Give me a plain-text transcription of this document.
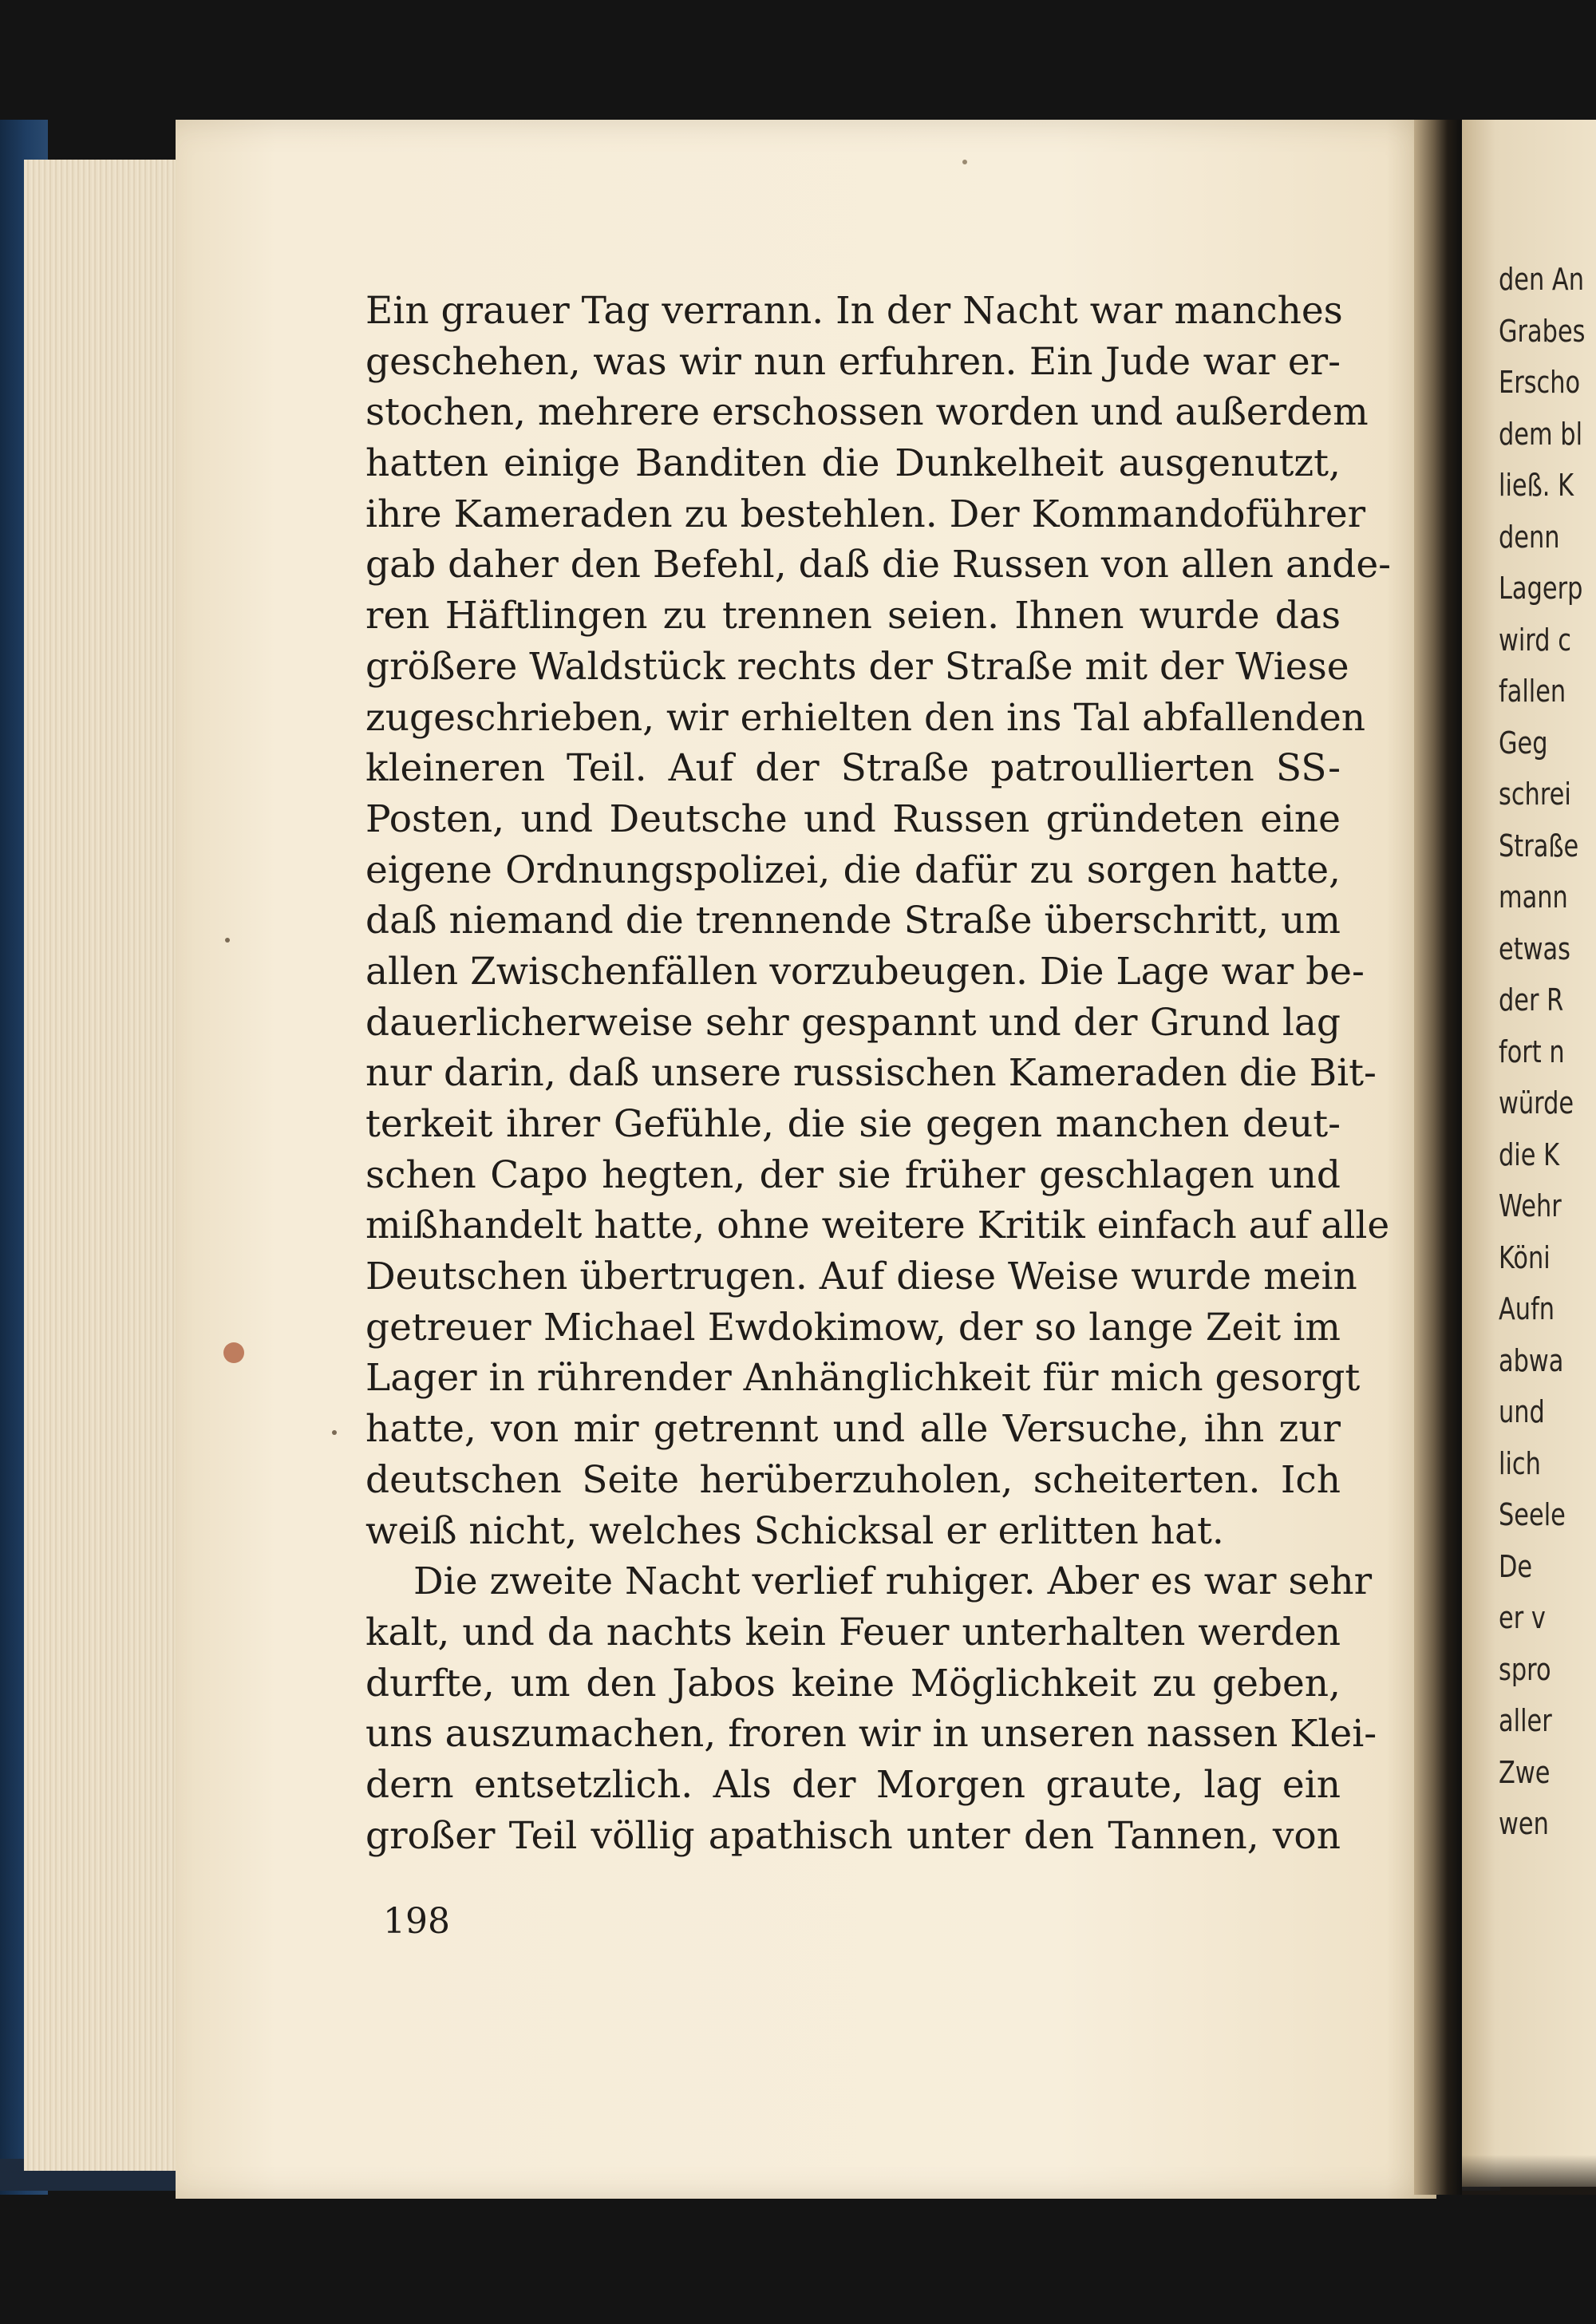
Ein grauer Tag verrann. In der Nacht war manches
geschehen, was wir nun erfuhren. Ein Jude war er-
stochen, mehrere erschossen worden und außerdem
hatten einige Banditen die Dunkelheit ausgenutzt,
ihre Kameraden zu bestehlen. Der Kommandoführer
gab daher den Befehl, daß die Russen von allen ande-
ren Häftlingen zu trennen seien. Ihnen wurde das
größere Waldstück rechts der Straße mit der Wiese
zugeschrieben, wir erhielten den ins Tal abfallenden
kleineren Teil. Auf der Straße patroullierten SS-
Posten, und Deutsche und Russen gründeten eine
eigene Ordnungspolizei, die dafür zu sorgen hatte,
daß niemand die trennende Straße überschritt, um
allen Zwischenfällen vorzubeugen. Die Lage war be-
dauerlicherweise sehr gespannt und der Grund lag
nur darin, daß unsere russischen Kameraden die Bit-
terkeit ihrer Gefühle, die sie gegen manchen deut-
schen Capo hegten, der sie früher geschlagen und
mißhandelt hatte, ohne weitere Kritik einfach auf alle
Deutschen übertrugen. Auf diese Weise wurde mein
getreuer Michael Ewdokimow, der so lange Zeit im
Lager in rührender Anhänglichkeit für mich gesorgt
hatte, von mir getrennt und alle Versuche, ihn zur
deutschen Seite herüberzuholen, scheiterten. Ich
weiß nicht, welches Schicksal er erlitten hat.
Die zweite Nacht verlief ruhiger. Aber es war sehr
kalt, und da nachts kein Feuer unterhalten werden
durfte, um den Jabos keine Möglichkeit zu geben,
uns auszumachen, froren wir in unseren nassen Klei-
dern entsetzlich. Als der Morgen graute, lag ein
großer Teil völlig apathisch unter den Tannen, von
198
den An
Grabes
Erscho
dem bl
ließ. K
denn
Lagerp
wird c
fallen
Geg
schrei
Straße
mann
etwas
der R
fort n
würde
die K
Wehr
Köni
Aufn
abwa
und
lich
Seele
De
er v
spro
aller
Zwe
wen
